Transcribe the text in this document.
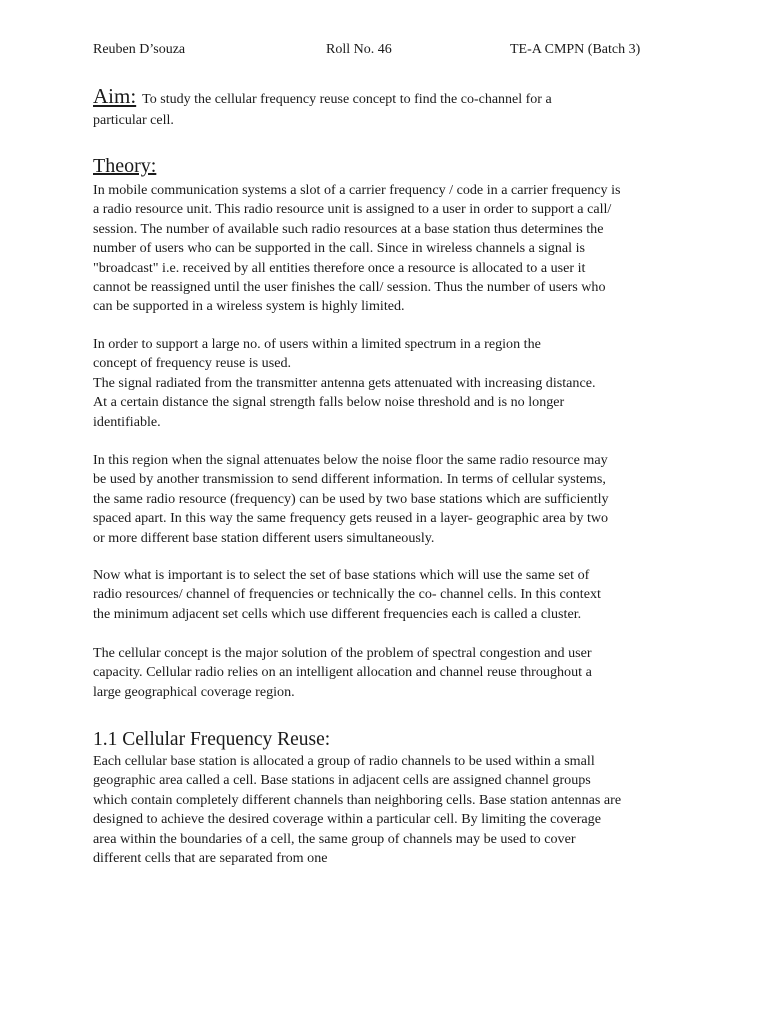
Reuben D’souza	Roll No. 46	TE-A CMPN (Batch 3)
Aim: To study the cellular frequency reuse concept to find the co-channel for a
particular cell.
Theory:
In mobile communication systems a slot of a carrier frequency / code in a carrier frequency is
a radio resource unit. This radio resource unit is assigned to a user in order to support a call/
session. The number of available such radio resources at a base station thus determines the
number of users who can be supported in the call. Since in wireless channels a signal is
"broadcast" i.e. received by all entities therefore once a resource is allocated to a user it
cannot be reassigned until the user finishes the call/ session. Thus the number of users who
can be supported in a wireless system is highly limited.
In order to support a large no. of users within a limited spectrum in a region the
concept of frequency reuse is used.
The signal radiated from the transmitter antenna gets attenuated with increasing distance.
At a certain distance the signal strength falls below noise threshold and is no longer
identifiable.
In this region when the signal attenuates below the noise floor the same radio resource may
be used by another transmission to send different information. In terms of cellular systems,
the same radio resource (frequency) can be used by two base stations which are sufficiently
spaced apart. In this way the same frequency gets reused in a layer- geographic area by two
or more different base station different users simultaneously.
Now what is important is to select the set of base stations which will use the same set of
radio resources/ channel of frequencies or technically the co- channel cells. In this context
the minimum adjacent set cells which use different frequencies each is called a cluster.
The cellular concept is the major solution of the problem of spectral congestion and user
capacity. Cellular radio relies on an intelligent allocation and channel reuse throughout a
large geographical coverage region.
1.1 Cellular Frequency Reuse:
Each cellular base station is allocated a group of radio channels to be used within a small
geographic area called a cell. Base stations in adjacent cells are assigned channel groups
which contain completely different channels than neighboring cells. Base station antennas are
designed to achieve the desired coverage within a particular cell. By limiting the coverage
area within the boundaries of a cell, the same group of channels may be used to cover
different cells that are separated from one
